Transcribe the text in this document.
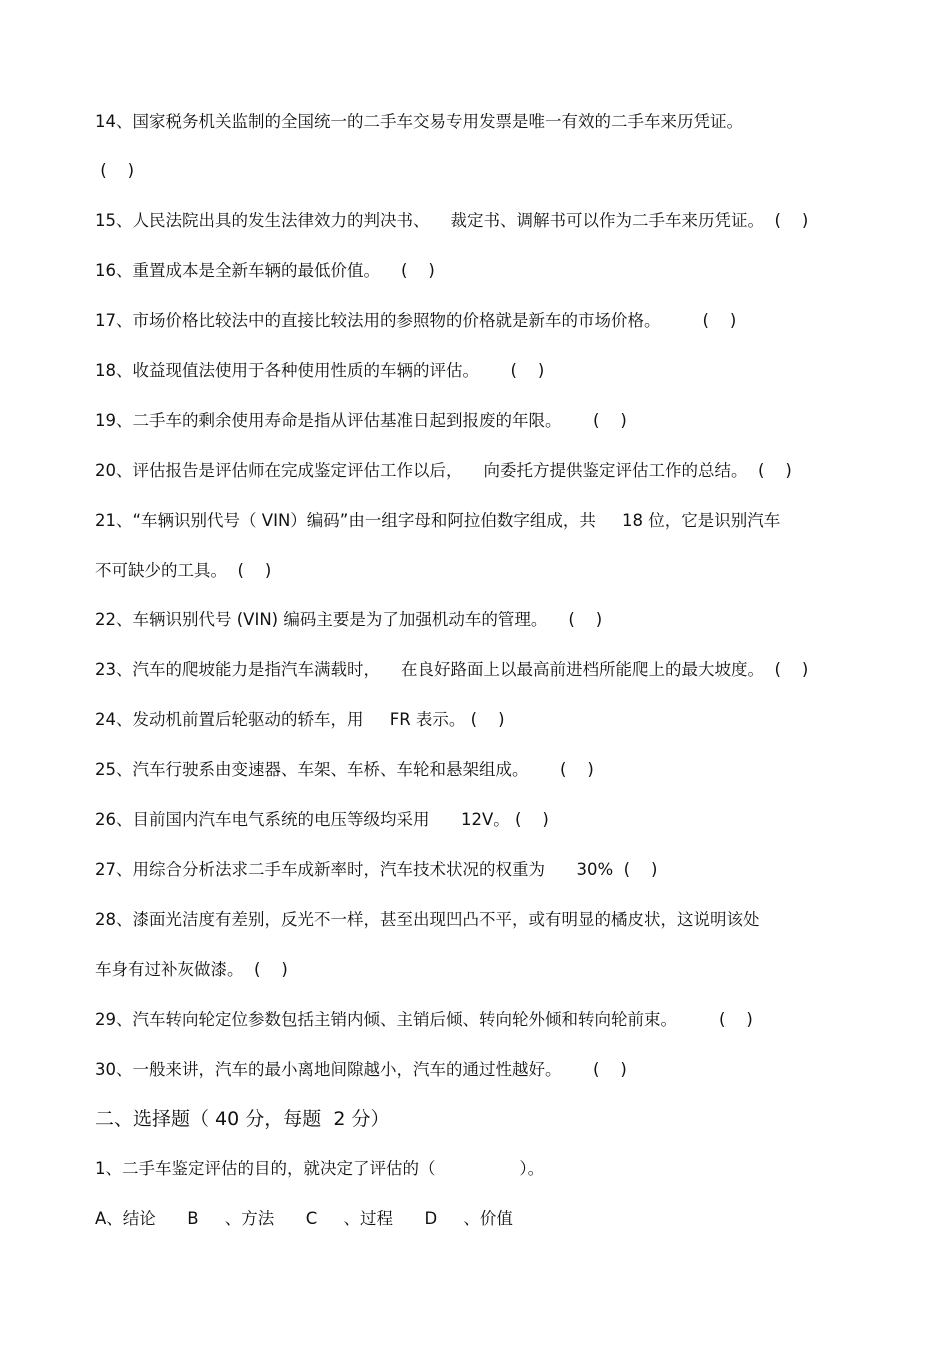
14、国家税务机关监制的全国统一的二手车交易专用发票是唯一有效的二手车来历凭证。
(    )
15、人民法院出具的发生法律效力的判决书、    裁定书、调解书可以作为二手车来历凭证。  (    )
16、重置成本是全新车辆的最低价值。    (    )
17、市场价格比较法中的直接比较法用的参照物的价格就是新车的市场价格。        (    )
18、收益现值法使用于各种使用性质的车辆的评估。      (    )
19、二手车的剩余使用寿命是指从评估基准日起到报废的年限。      (    )
20、评估报告是评估师在完成鉴定评估工作以后，    向委托方提供鉴定评估工作的总结。  (    )
21、“车辆识别代号（ VIN）编码”由一组字母和阿拉伯数字组成，共     18 位，它是识别汽车
不可缺少的工具。  (    )
22、车辆识别代号 (VIN) 编码主要是为了加强机动车的管理。    (    )
23、汽车的爬坡能力是指汽车满载时，    在良好路面上以最高前进档所能爬上的最大坡度。  (    )
24、发动机前置后轮驱动的轿车，用     FR 表示。 (    )
25、汽车行驶系由变速器、车架、车桥、车轮和悬架组成。      (    )
26、目前国内汽车电气系统的电压等级均采用      12V。 (    )
27、用综合分析法求二手车成新率时，汽车技术状况的权重为      30%  (    )
28、漆面光洁度有差别，反光不一样，甚至出现凹凸不平，或有明显的橘皮状，这说明该处
车身有过补灰做漆。  (    )
29、汽车转向轮定位参数包括主销内倾、主销后倾、转向轮外倾和转向轮前束。        (    )
30、一般来讲，汽车的最小离地间隙越小，汽车的通过性越好。      (    )
二、选择题（ 40 分，每题  2 分）
1、二手车鉴定评估的目的，就决定了评估的（                ）。
A、结论      B     、方法      C     、过程      D     、价值
